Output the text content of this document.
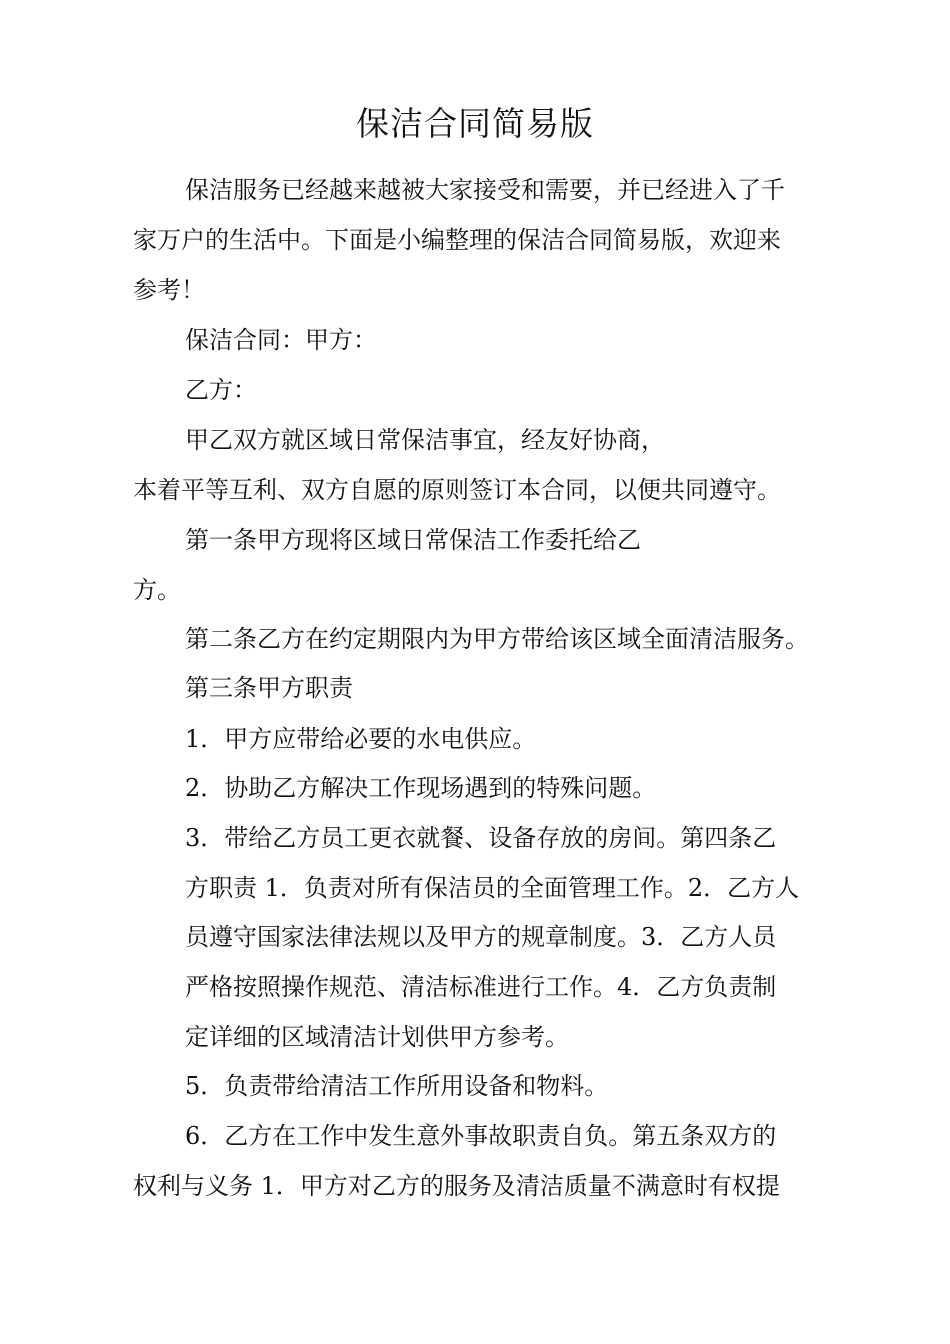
保洁合同简易版

保洁服务已经越来越被大家接受和需要，并已经进入了千

家万户的生活中。下面是小编整理的保洁合同简易版，欢迎来

参考！

保洁合同：甲方：

乙方：

甲乙双方就区域日常保洁事宜，经友好协商，

本着平等互利、双方自愿的原则签订本合同，以便共同遵守。

第一条甲方现将区域日常保洁工作委托给乙

方。

第二条乙方在约定期限内为甲方带给该区域全面清洁服务。

第三条甲方职责

1．甲方应带给必要的水电供应。

2．协助乙方解决工作现场遇到的特殊问题。

3．带给乙方员工更衣就餐、设备存放的房间。第四条乙

方职责 1．负责对所有保洁员的全面管理工作。2．乙方人

员遵守国家法律法规以及甲方的规章制度。3．乙方人员

严格按照操作规范、清洁标准进行工作。4．乙方负责制

定详细的区域清洁计划供甲方参考。

5．负责带给清洁工作所用设备和物料。

6．乙方在工作中发生意外事故职责自负。第五条双方的

权利与义务 1．甲方对乙方的服务及清洁质量不满意时有权提
